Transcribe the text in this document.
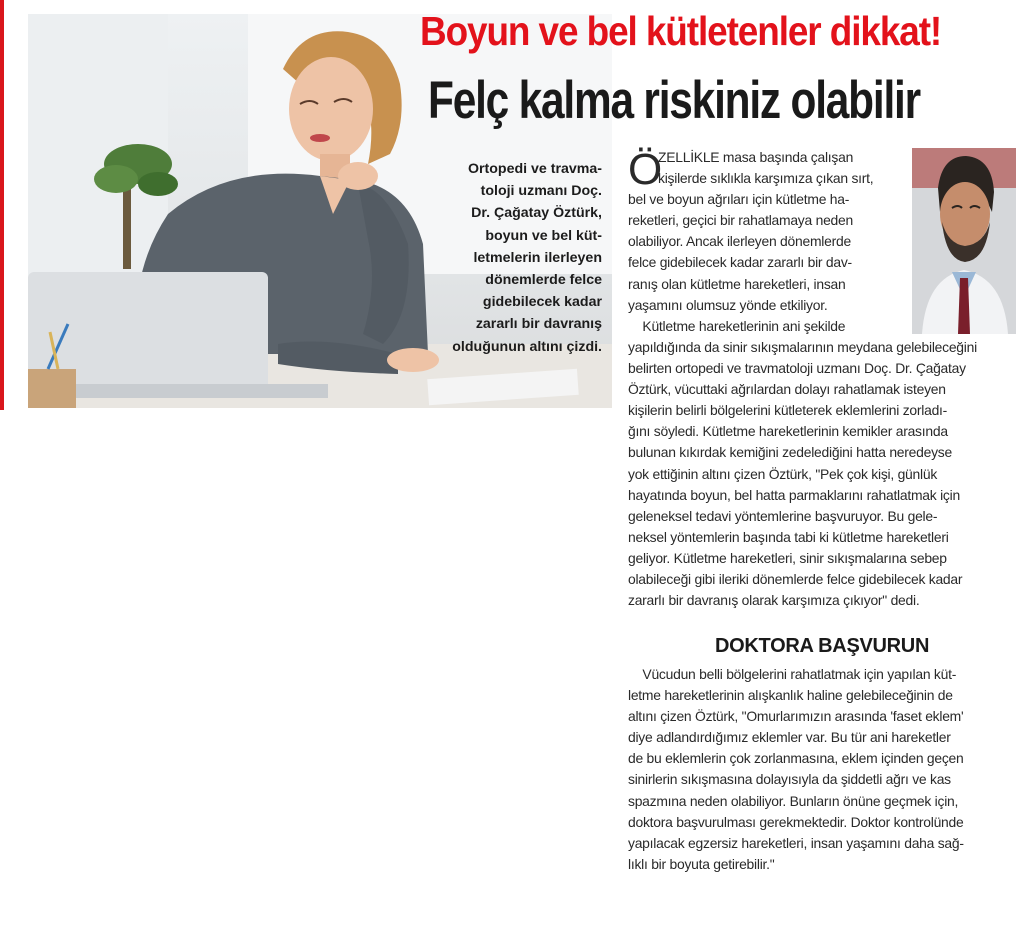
Boyun ve bel kütletenler dikkat!
Felç kalma riskiniz olabilir
Ortopedi ve travma-
toloji uzmanı Doç.
Dr. Çağatay Öztürk,
boyun ve bel küt-
letmelerin ilerleyen
dönemlerde felce
gidebilecek kadar
zararlı bir davranış
olduğunun altını çizdi.
Ö
ZELLİKLE masa başında çalışan
kişilerde sıklıkla karşımıza çıkan sırt,
bel ve boyun ağrıları için kütletme ha-
reketleri, geçici bir rahatlamaya neden
olabiliyor. Ancak ilerleyen dönemlerde
felce gidebilecek kadar zararlı bir dav-
ranış olan kütletme hareketleri, insan
yaşamını olumsuz yönde etkiliyor.
Kütletme hareketlerinin ani şekilde
yapıldığında da sinir sıkışmalarının meydana gelebileceğini
belirten ortopedi ve travmatoloji uzmanı Doç. Dr. Çağatay
Öztürk, vücuttaki ağrılardan dolayı rahatlamak isteyen
kişilerin belirli bölgelerini kütleterek eklemlerini zorladı-
ğını söyledi. Kütletme hareketlerinin kemikler arasında
bulunan kıkırdak kemiğini zedelediğini hatta neredeyse
yok ettiğinin altını çizen Öztürk, "Pek çok kişi, günlük
hayatında boyun, bel hatta parmaklarını rahatlatmak için
geleneksel tedavi yöntemlerine başvuruyor. Bu gele-
neksel yöntemlerin başında tabi ki kütletme hareketleri
geliyor. Kütletme hareketleri, sinir sıkışmalarına sebep
olabileceği gibi ileriki dönemlerde felce gidebilecek kadar
zararlı bir davranış olarak karşımıza çıkıyor" dedi.
DOKTORA BAŞVURUN
Vücudun belli bölgelerini rahatlatmak için yapılan küt-
letme hareketlerinin alışkanlık haline gelebileceğinin de
altını çizen Öztürk, "Omurlarımızın arasında 'faset eklem'
diye adlandırdığımız eklemler var. Bu tür ani hareketler
de bu eklemlerin çok zorlanmasına, eklem içinden geçen
sinirlerin sıkışmasına dolayısıyla da şiddetli ağrı ve kas
spazmına neden olabiliyor. Bunların önüne geçmek için,
doktora başvurulması gerekmektedir. Doktor kontrolünde
yapılacak egzersiz hareketleri, insan yaşamını daha sağ-
lıklı bir boyuta getirebilir."
